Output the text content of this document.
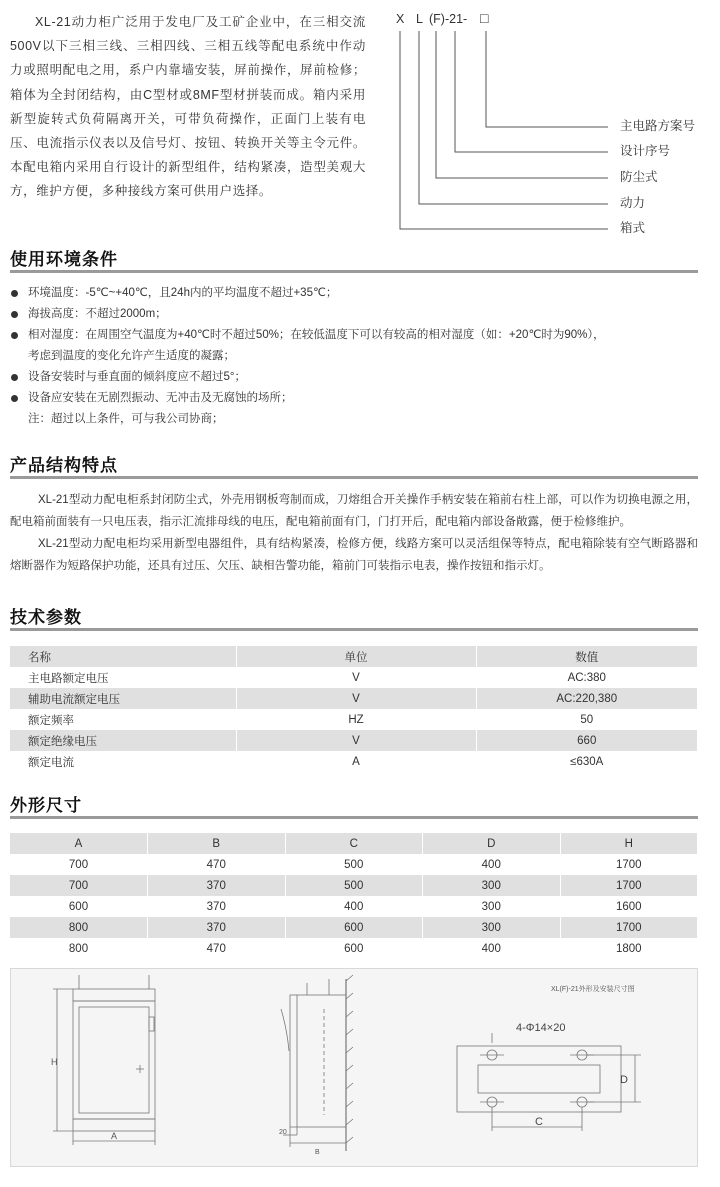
XL-21动力柜广泛用于发电厂及工矿企业中，在三相交流500V以下三相三线、三相四线、三相五线等配电系统中作动力或照明配电之用，系户内靠墙安装，屏前操作，屏前检修；箱体为全封闭结构，由C型材或8MF型材拼装而成。箱内采用新型旋转式负荷隔离开关，可带负荷操作，正面门上装有电压、电流指示仪表以及信号灯、按钮、转换开关等主令元件。本配电箱内采用自行设计的新型组件，结构紧凑，造型美观大方，维护方便，多种接线方案可供用户选择。

X L (F)-21- □
主电路方案号
设计序号
防尘式
动力
箱式
使用环境条件
环境温度：-5℃~+40℃，且24h内的平均温度不超过+35℃；
海拔高度：不超过2000m；
相对湿度：在周围空气温度为+40℃时不超过50%；在较低温度下可以有较高的相对湿度（如：+20℃时为90%），
考虑到温度的变化允许产生适度的凝露；
设备安装时与垂直面的倾斜度应不超过5°；
设备应安装在无剧烈振动、无冲击及无腐蚀的场所；
注：超过以上条件，可与我公司协商；
产品结构特点

XL-21型动力配电柜系封闭防尘式，外壳用钢板弯制而成，刀熔组合开关操作手柄安装在箱前右柱上部，可以作为切换电源之用，配电箱前面装有一只电压表，指示汇流排母线的电压，配电箱前面有门，门打开后，配电箱内部设备敞露，便于检修维护。

XL-21型动力配电柜均采用新型电器组件，具有结构紧凑，检修方便，线路方案可以灵活组保等特点，配电箱除装有空气断路器和熔断器作为短路保护功能，还具有过压、欠压、缺相告警功能，箱前门可装指示电表，操作按钮和指示灯。

技术参数
名称	单位	数值
主电路额定电压	V	AC:380
辅助电流额定电压	V	AC:220,380
额定频率	HZ	50
额定绝缘电压	V	660
额定电流	A	≤630A
外形尺寸
A	B	C	D	H
700	470	500	400	1700
700	370	500	300	1700
600	370	400	300	1600
800	370	600	300	1700
800	470	600	400	1800
H
A	20
B
XL(F)-21外形及安装尺寸图
4-Φ14×20
C
D
